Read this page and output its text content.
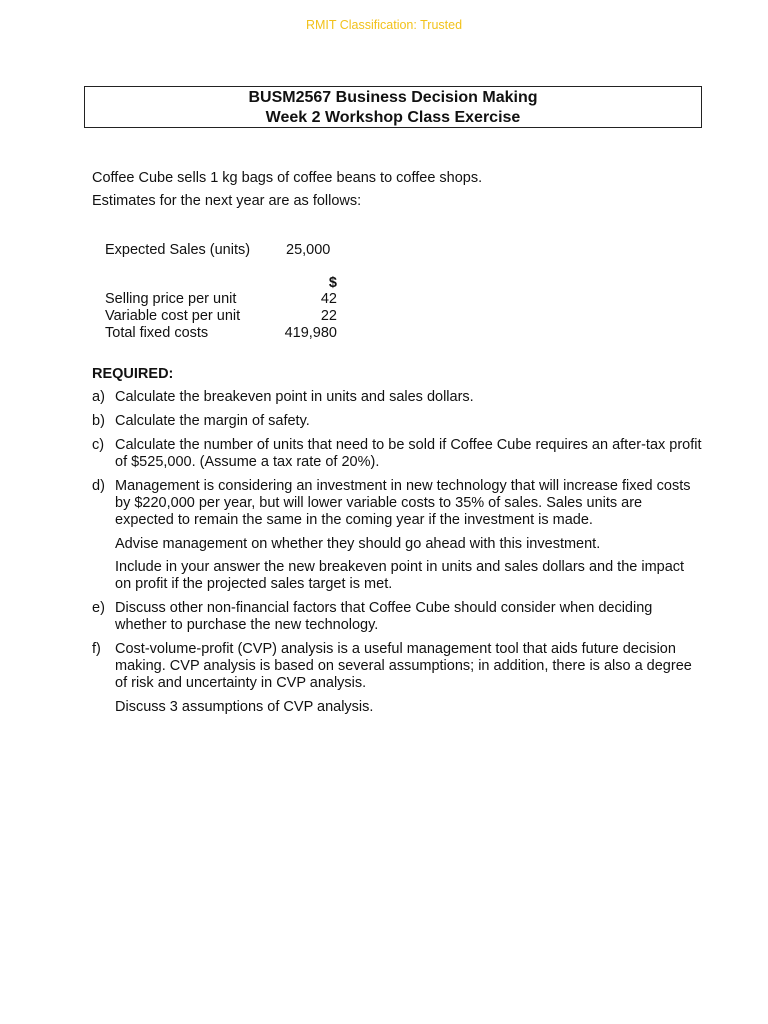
RMIT Classification: Trusted
BUSM2567 Business Decision Making
Week 2 Workshop Class Exercise
Coffee Cube sells 1 kg bags of coffee beans to coffee shops.
Estimates for the next year are as follows:
Expected Sales (units) 25,000
$
Selling price per unit	42
Variable cost per unit	22
Total fixed costs	419,980
REQUIRED:
a) Calculate the breakeven point in units and sales dollars.
b) Calculate the margin of safety.
c) Calculate the number of units that need to be sold if Coffee Cube requires an after-tax profit of $525,000. (Assume a tax rate of 20%).
d) Management is considering an investment in new technology that will increase fixed costs by $220,000 per year, but will lower variable costs to 35% of sales. Sales units are expected to remain the same in the coming year if the investment is made.
Advise management on whether they should go ahead with this investment.
Include in your answer the new breakeven point in units and sales dollars and the impact on profit if the projected sales target is met.
e) Discuss other non-financial factors that Coffee Cube should consider when deciding whether to purchase the new technology.
f) Cost-volume-profit (CVP) analysis is a useful management tool that aids future decision making. CVP analysis is based on several assumptions; in addition, there is also a degree of risk and uncertainty in CVP analysis.
Discuss 3 assumptions of CVP analysis.
